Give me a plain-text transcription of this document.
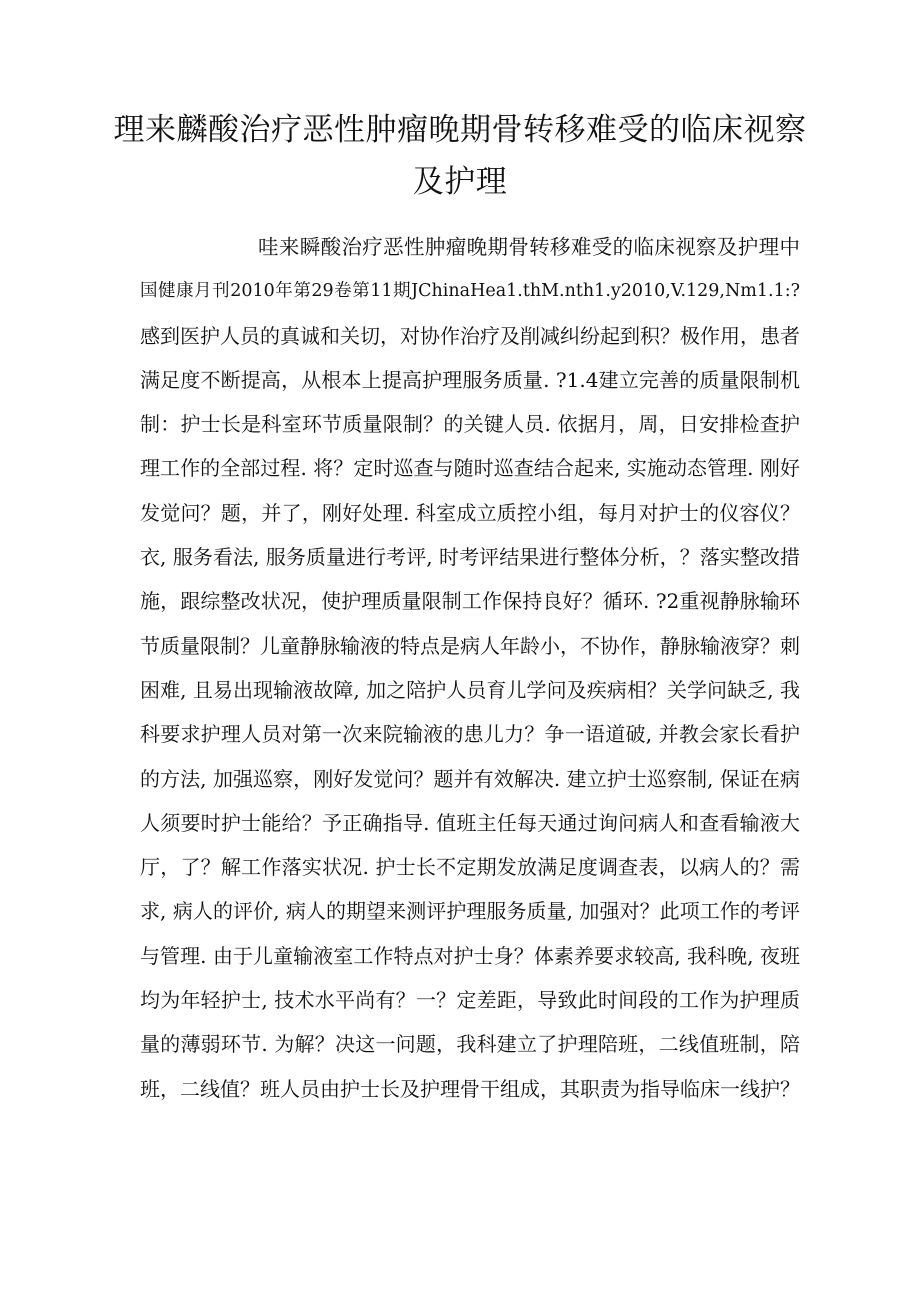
理来麟酸治疗恶性肿瘤晚期骨转移难受的临床视察
及护理
哇来瞬酸治疗恶性肿瘤晚期骨转移难受的临床视察及护理中
国健康月刊2010年第29卷第11期JChinaHea1.thM.nth1.y2010,V.129,Nm1.1:?
感到医护人员的真诚和关切，对协作治疗及削减纠纷起到积？极作用，患者
满足度不断提高，从根本上提高护理服务质量. ?1.4建立完善的质量限制机
制：护士长是科室环节质量限制？的关键人员. 依据月，周，日安排检查护
理工作的全部过程. 将？定时巡查与随时巡查结合起来, 实施动态管理. 刚好
发觉问？题，并了，刚好处理. 科室成立质控小组，每月对护士的仪容仪？
衣, 服务看法, 服务质量进行考评, 时考评结果进行整体分析，？落实整改措
施，跟综整改状况，使护理质量限制工作保持良好？循环. ?2重视静脉输环
节质量限制？儿童静脉输液的特点是病人年龄小，不协作，静脉输液穿？刺
困难, 且易出现输液故障, 加之陪护人员育儿学问及疾病相？关学问缺乏, 我
科要求护理人员对第一次来院输液的患儿力？争一语道破, 并教会家长看护
的方法, 加强巡察，刚好发觉问？题并有效解决. 建立护士巡察制, 保证在病
人须要时护士能给？予正确指导. 值班主任每天通过询问病人和查看输液大
厅，了？解工作落实状况. 护士长不定期发放满足度调查表，以病人的？需
求, 病人的评价, 病人的期望来测评护理服务质量, 加强对？此项工作的考评
与管理. 由于儿童输液室工作特点对护士身？体素养要求较高, 我科晚, 夜班
均为年轻护士, 技术水平尚有？一？定差距，导致此时间段的工作为护理质
量的薄弱环节. 为解？决这一问题，我科建立了护理陪班，二线值班制，陪
班，二线值？班人员由护士长及护理骨干组成，其职责为指导临床一线护？
